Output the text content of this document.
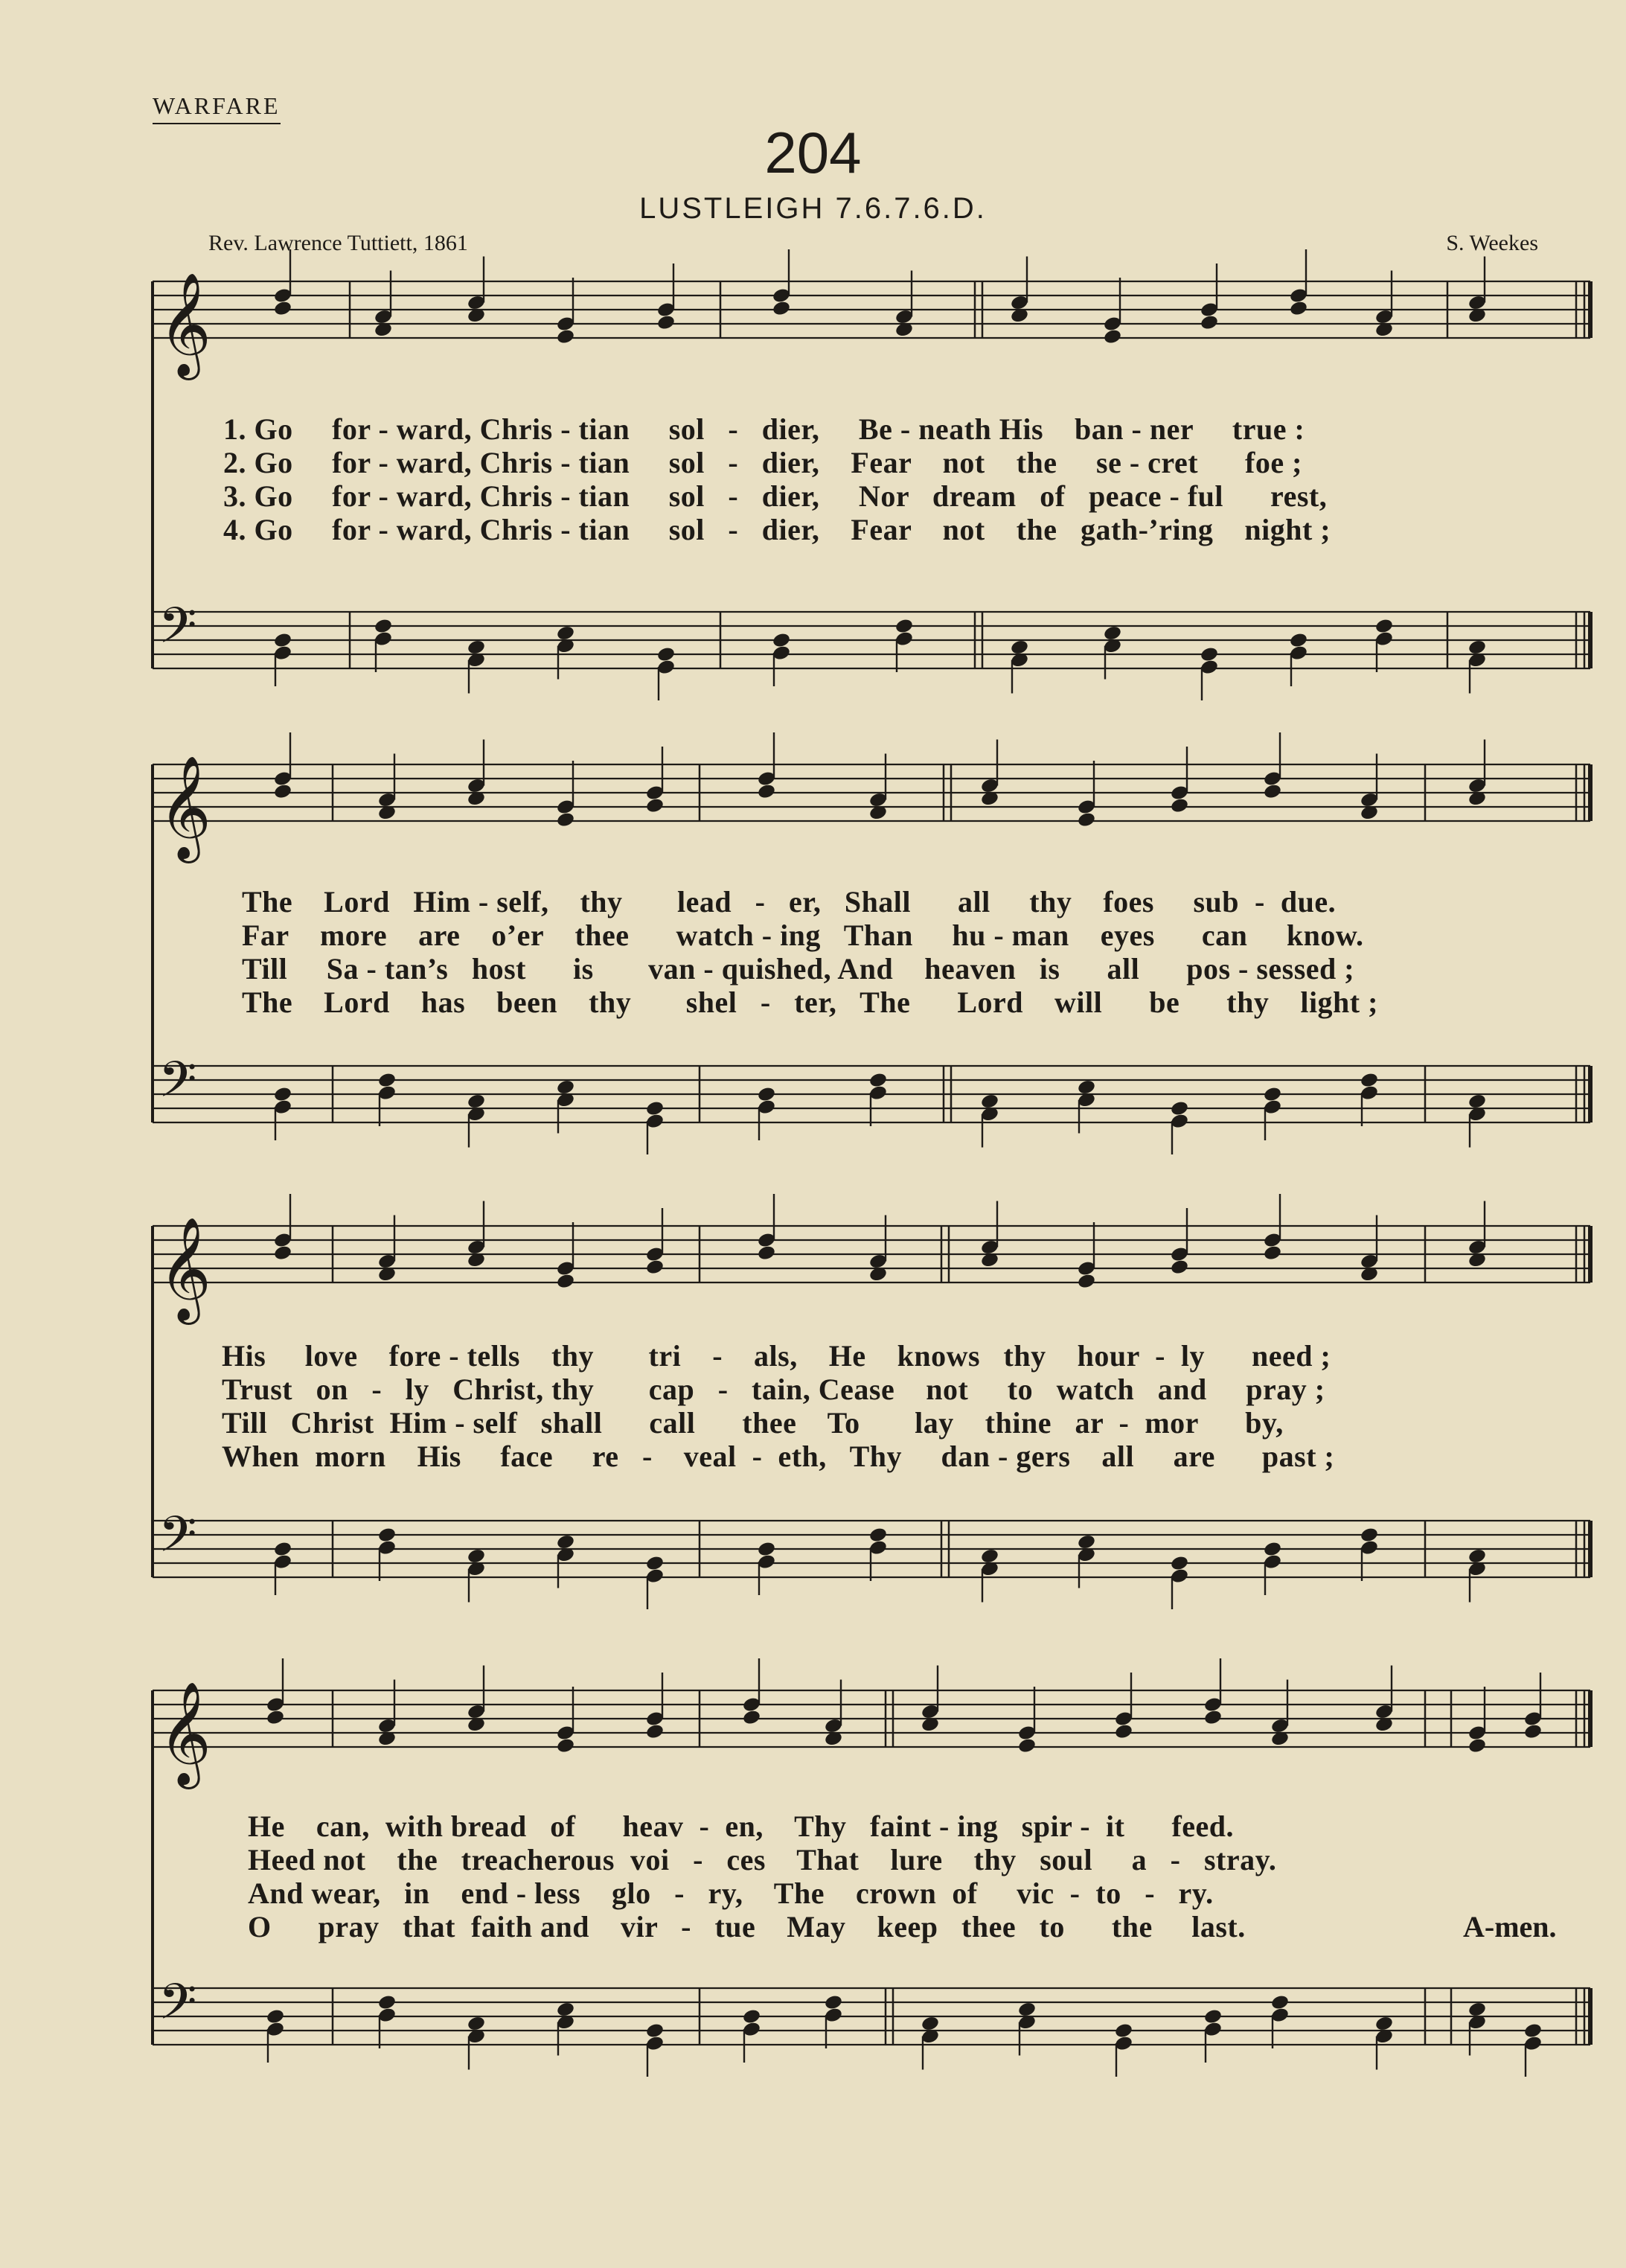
WARFARE
204
LUSTLEIGH 7.6.7.6.D.
Rev. Lawrence Tuttiett, 1861	S. Weekes
𝄞
𝄢
𝄞
𝄢
𝄞
𝄢
𝄞
𝄢
1. Go     for - ward, Chris - tian     sol   -   dier,     Be - neath His    ban - ner     true :
2. Go     for - ward, Chris - tian     sol   -   dier,    Fear    not    the     se - cret      foe ;
3. Go     for - ward, Chris - tian     sol   -   dier,     Nor   dream   of   peace - ful      rest,
4. Go     for - ward, Chris - tian     sol   -   dier,    Fear    not    the   gath-’ring    night ;
The    Lord   Him - self,    thy       lead   -   er,   Shall      all     thy    foes     sub  -  due.
Far    more    are    o’er    thee      watch - ing   Than     hu - man    eyes      can     know.
Till     Sa - tan’s   host      is       van - quished, And    heaven   is      all      pos - sessed ;
The    Lord    has    been    thy       shel   -   ter,   The      Lord    will      be      thy    light ;
His     love    fore - tells    thy       tri    -    als,    He    knows   thy    hour  -  ly      need ;
Trust   on   -   ly   Christ, thy       cap   -   tain, Cease    not     to   watch   and     pray ;
Till   Christ  Him - self   shall      call      thee    To       lay    thine   ar  -  mor      by,
When  morn    His     face     re   -    veal  -  eth,   Thy     dan - gers    all     are      past ;
He    can,  with bread   of      heav  -  en,    Thy   faint - ing   spir -  it      feed.
Heed not    the   treacherous  voi   -   ces    That    lure    thy   soul     a   -   stray.
And wear,   in    end - less    glo   -   ry,    The    crown  of     vic  -  to   -   ry.
O      pray   that  faith and    vir   -   tue    May    keep   thee   to      the     last.	A-men.
